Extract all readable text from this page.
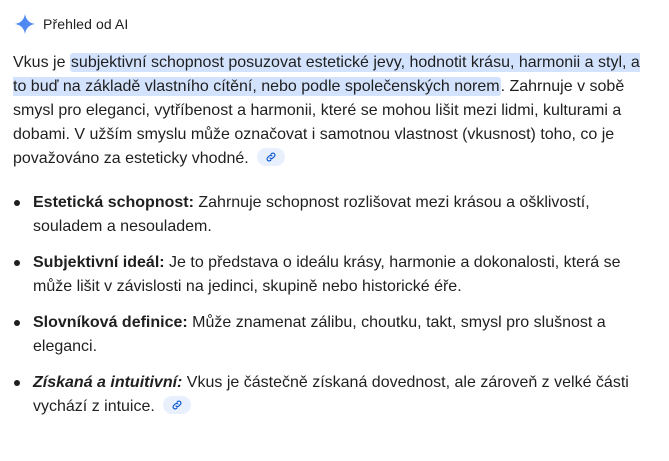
Přehled od AI

Vkus je subjektivní schopnost posuzovat estetické jevy, hodnotit krásu, harmonii a styl, a to buď na základě vlastního cítění, nebo podle společenských norem. Zahrnuje v sobě smysl pro eleganci, vytříbenost a harmonii, které se mohou lišit mezi lidmi, kulturami a dobami. V užším smyslu může označovat i samotnou vlastnost (vkusnost) toho, co je považováno za esteticky vhodné.

Estetická schopnost: Zahrnuje schopnost rozlišovat mezi krásou a ošklivostí, souladem a nesouladem.
Subjektivní ideál: Je to představa o ideálu krásy, harmonie a dokonalosti, která se může lišit v závislosti na jedinci, skupině nebo historické éře.
Slovníková definice: Může znamenat zálibu, choutku, takt, smysl pro slušnost a eleganci.
Získaná a intuitivní: Vkus je částečně získaná dovednost, ale zároveň z velké části vychází z intuice.
